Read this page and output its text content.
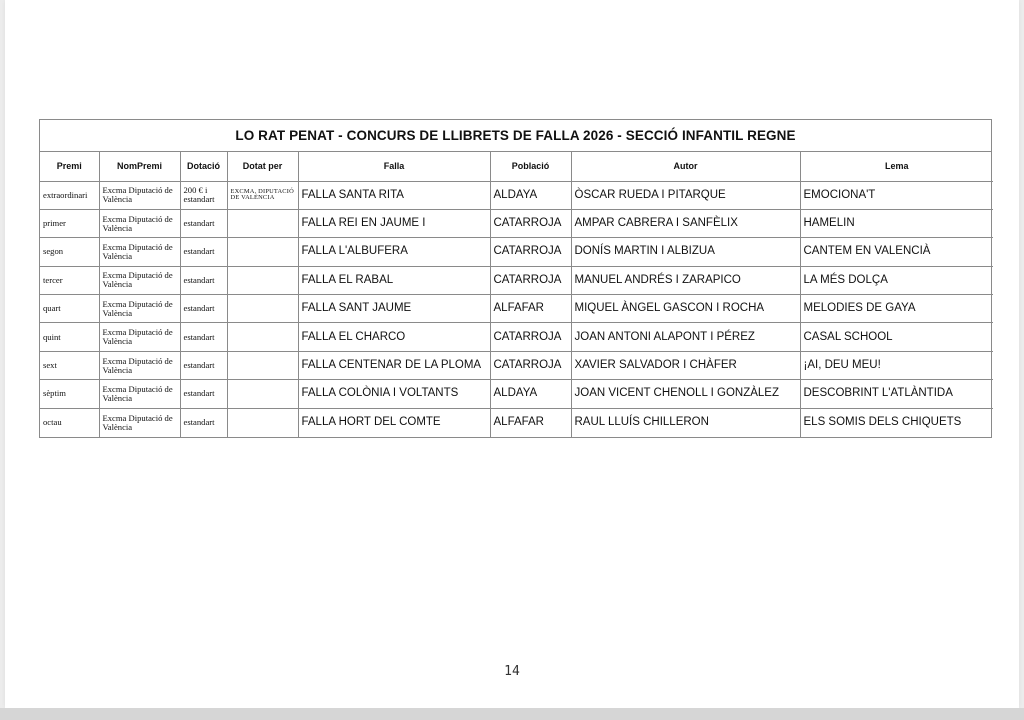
LO RAT PENAT - CONCURS DE LLIBRETS DE FALLA 2026 - SECCIÓ INFANTIL REGNE
Premi	NomPremi	Dotació	Dotat per	Falla	Població	Autor	Lema
extraordinari	Excma Diputació de València	200 € i estandart	EXCMA. DIPUTACIÓ DE VALÈNCIA	FALLA SANTA RITA	ALDAYA	ÒSCAR RUEDA I PITARQUE	EMOCIONA'T
primer	Excma Diputació de València	estandart		FALLA REI EN JAUME I	CATARROJA	AMPAR CABRERA I SANFÈLIX	HAMELIN
segon	Excma Diputació de València	estandart		FALLA L'ALBUFERA	CATARROJA	DONÍS MARTIN I ALBIZUA	CANTEM EN VALENCIÀ
tercer	Excma Diputació de València	estandart		FALLA EL RABAL	CATARROJA	MANUEL ANDRÉS I ZARAPICO	LA MÉS DOLÇA
quart	Excma Diputació de València	estandart		FALLA SANT JAUME	ALFAFAR	MIQUEL ÀNGEL GASCON I ROCHA	MELODIES DE GAYA
quint	Excma Diputació de València	estandart		FALLA EL CHARCO	CATARROJA	JOAN ANTONI ALAPONT I PÉREZ	CASAL SCHOOL
sext	Excma Diputació de València	estandart		FALLA CENTENAR DE LA PLOMA	CATARROJA	XAVIER SALVADOR I CHÀFER	¡AI, DEU MEU!
sèptim	Excma Diputació de València	estandart		FALLA COLÒNIA I VOLTANTS	ALDAYA	JOAN VICENT CHENOLL I GONZÀLEZ	DESCOBRINT L'ATLÀNTIDA
octau	Excma Diputació de València	estandart		FALLA HORT DEL COMTE	ALFAFAR	RAUL LLUÍS CHILLERON	ELS SOMIS DELS CHIQUETS
14
